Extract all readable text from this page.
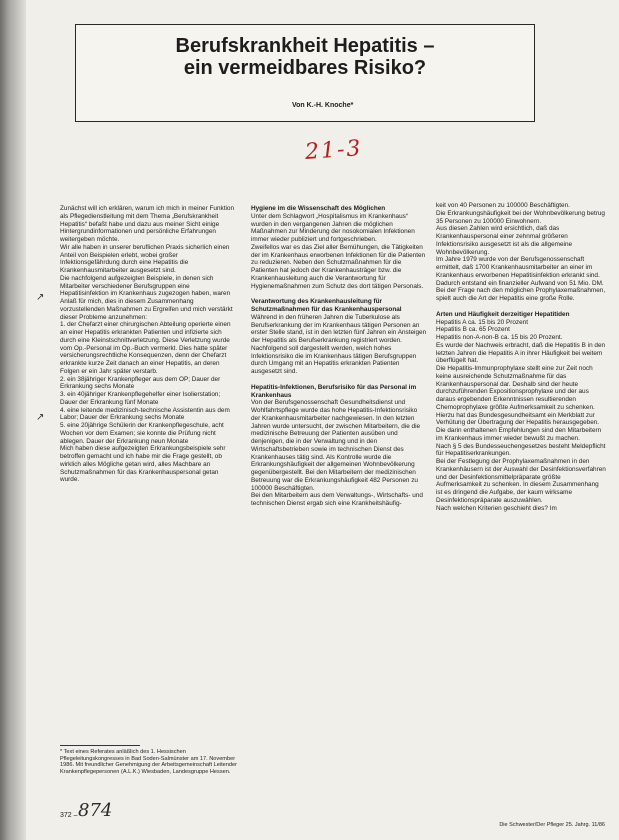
Berufskrankheit Hepatitis –
ein vermeidbares Risiko?
Von K.-H. Knoche*
21-3
↗
↗

Zunächst will ich erklären, warum ich mich in meiner Funktion als Pflegedienstleitung mit dem Thema „Berufskrankheit Hepatitis“ befaßt habe und dazu aus meiner Sicht einige Hintergrundinformationen und persönliche Erfahrungen weitergeben möchte.

Wir alle haben in unserer beruflichen Praxis sicherlich einen Anteil von Beispielen erlebt, wobei großer Infektionsgefährdung durch eine Hepatitis die Krankenhausmitarbeiter ausgesetzt sind.

Die nachfolgend aufgezeigten Beispiele, in denen sich Mitarbeiter verschiedener Berufsgruppen eine Hepatitisinfektion im Krankenhaus zugezogen haben, waren Anlaß für mich, dies in diesem Zusammenhang vorzustellenden Maßnahmen zu Ergreifen und mich verstärkt dieser Probleme anzunehmen:

1. der Chefarzt einer chirurgischen Abteilung operierte einen an einer Hepatitis erkrankten Patienten und infizierte sich durch eine Kleinstschnittverletzung. Diese Verletzung wurde vom Op.-Personal im Op.-Buch vermerkt. Dies hatte später versicherungsrechtliche Konsequenzen, denn der Chefarzt erkrankte kurze Zeit danach an einer Hepatitis, an deren Folgen er ein Jahr später verstarb.
2. ein 38jähriger Krankenpfleger aus dem OP; Dauer der Erkrankung sechs Monate
3. ein 40jähriger Krankenpflegehelfer einer Isolierstation; Dauer der Erkrankung fünf Monate
4. eine leitende medizinisch-technische Assistentin aus dem Labor; Dauer der Erkrankung sechs Monate
5. eine 20jährige Schülerin der Krankenpflegeschule, acht Wochen vor dem Examen; sie konnte die Prüfung nicht ablegen. Dauer der Erkrankung neun Monate

Mich haben diese aufgezeigten Erkrankungsbeispiele sehr betroffen gemacht und ich habe mir die Frage gestellt, ob wirklich alles Mögliche getan wird, alles Machbare an Schutzmaßnahmen für das Krankenhauspersonal getan wurde.

Hygiene im die Wissenschaft des Möglichen

Unter dem Schlagwort „Hospitalismus im Krankenhaus“ wurden in den vergangenen Jahren die möglichen Maßnahmen zur Minderung der nosokomialen Infektionen immer wieder publiziert und fortgeschrieben.

Zweifellos war es das Ziel aller Bemühungen, die Tätigkeiten der im Krankenhaus erworbenen Infektionen für die Patienten zu reduzieren. Neben den Schutzmaßnahmen für die Patienten hat jedoch der Krankenhausträger bzw. die Krankenhausleitung auch die Verantwortung für Hygienemaßnahmen zum Schutz des dort tätigen Personals.

Verantwortung des Krankenhausleitung für Schutzmaßnahmen für das Krankenhauspersonal

Während in den früheren Jahren die Tuberkulose als Berufserkrankung der im Krankenhaus tätigen Personen an erster Stelle stand, ist in den letzten fünf Jahren ein Ansteigen der Hepatitis als Berufserkrankung registriert worden.

Nachfolgend soll dargestellt werden, welch hohes Infektionsrisiko die im Krankenhaus tätigen Berufsgruppen durch Umgang mit an Hepatitis erkrankten Patienten ausgesetzt sind.

Hepatitis-Infektionen, Berufsrisiko für das Personal im Krankenhaus

Von der Berufsgenossenschaft Gesundheitsdienst und Wohlfahrtspflege wurde das hohe Hepatitis-Infektionsrisiko der Krankenhausmitarbeiter nachgewiesen. In den letzten Jahren wurde untersucht, der zwischen Mitarbeitern, die die medizinische Betreuung der Patienten ausüben und denjenigen, die in der Verwaltung und in den Wirtschaftsbetrieben sowie im technischen Dienst des Krankenhauses tätig sind. Als Kontrolle wurde die Erkrankungshäufigkeit der allgemeinen Wohnbevölkerung gegenübergestellt. Bei den Mitarbeitern der medizinischen Betreuung war die Erkrankungshäufigkeit 482 Personen zu 100000 Beschäftigten.

Bei den Mitarbeitern aus dem Verwaltungs-, Wirtschafts- und technischen Dienst ergab sich eine Krankheitshäufig-

keit von 40 Personen zu 100000 Beschäftigten.

Die Erkrankungshäufigkeit bei der Wohnbevölkerung betrug 35 Personen zu 100000 Einwohnern.

Aus diesen Zahlen wird ersichtlich, daß das Krankenhauspersonal einer zehnmal größeren Infektionsrisiko ausgesetzt ist als die allgemeine Wohnbevölkerung.

Im Jahre 1979 wurde von der Berufsgenossenschaft ermittelt, daß 1700 Krankenhausmitarbeiter an einer im Krankenhaus erworbenen Hepatitisinfektion erkrankt sind. Dadurch entstand ein finanzieller Aufwand von 51 Mio. DM.

Bei der Frage nach den möglichen Prophylaxemaßnahmen, spielt auch die Art der Hepatitis eine große Rolle.

Arten und Häufigkeit derzeitiger Hepatitiden

Hepatitis A ca. 15 bis 20 Prozent

Hepatitis B ca. 65 Prozent

Hepatitis non-A-non-B ca. 15 bis 20 Prozent.

Es wurde der Nachweis erbracht, daß die Hepatitis B in den letzten Jahren die Hepatitis A in ihrer Häufigkeit bei weitem überflügelt hat.

Die Hepatitis-Immunprophylaxe stellt eine zur Zeit noch keine ausreichende Schutzmaßnahme für das Krankenhauspersonal dar. Deshalb sind der heute durchzuführenden Expositionsprophylaxe und der aus daraus ergebenden Erkenntnissen resultierenden Chemoprophylaxe größte Aufmerksamkeit zu schenken.

Hierzu hat das Bundesgesundheitsamt ein Merkblatt zur Verhütung der Übertragung der Hepatitis herausgegeben. Die darin enthaltenen Empfehlungen sind den Mitarbeitern im Krankenhaus immer wieder bewußt zu machen.

Nach § 5 des Bundesseuchengesetzes besteht Meldepflicht für Hepatitiserkrankungen.

Bei der Festlegung der Prophylaxemaßnahmen in den Krankenhäusern ist der Auswahl der Desinfektionsverfahren und der Desinfektionsmittelpräparate größte Aufmerksamkeit zu schenken. In diesem Zusammenhang ist es dringend die Aufgabe, der kaum wirksame Desinfektionspräparate auszuwählen.

Nach welchen Kriterien geschieht dies? Im

* Text eines Referates anläßlich des 1. Hessischen Pflegeleitungskongresses in Bad Soden-Salmünster am 17. November 1986. Mit freundlicher Genehmigung der Arbeitsgemeinschaft Leitender Krankenpflegepersonen (A.L.K.) Wiesbaden, Landesgruppe Hessen.
372 – 874
Die Schwester/Der Pfleger 25. Jahrg. 11/86
